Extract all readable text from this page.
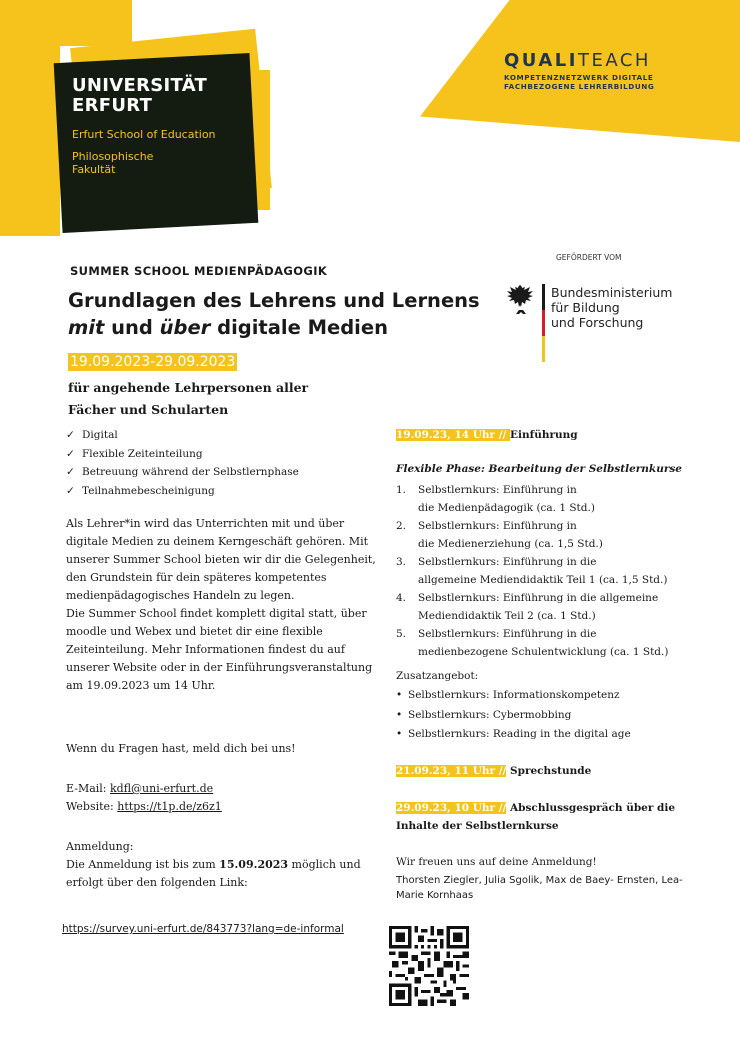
UNIVERSITÄT
ERFURT
Erfurt School of Education
Philosophische
Fakultät
QUALITEACH
KOMPETENZNETZWERK DIGITALE
FACHBEZOGENE LEHRERBILDUNG
GEFÖRDERT VOM
Bundesministerium
für Bildung
und Forschung
SUMMER SCHOOL MEDIENPÄDAGOGIK
Grundlagen des Lehrens und Lernens
mit und über digitale Medien
19.09.2023-29.09.2023
für angehende Lehrpersonen aller
Fächer und Schularten
✓ Digital
✓ Flexible Zeiteinteilung
✓ Betreuung während der Selbstlernphase
✓ Teilnahmebescheinigung
Als Lehrer*in wird das Unterrichten mit und über digitale Medien zu deinem Kerngeschäft gehören. Mit unserer Summer School bieten wir dir die Gelegenheit, den Grundstein für dein späteres kompetentes medienpädagogisches Handeln zu legen.
Die Summer School findet komplett digital statt, über moodle und Webex und bietet dir eine flexible Zeiteinteilung. Mehr Informationen findest du auf unserer Website oder in der Einführungsveranstaltung am 19.09.2023 um 14 Uhr.
Wenn du Fragen hast, meld dich bei uns!
E-Mail: kdfl@uni-erfurt.de
Website: https://t1p.de/z6z1
Anmeldung:
Die Anmeldung ist bis zum 15.09.2023 möglich und erfolgt über den folgenden Link:
https://survey.uni-erfurt.de/843773?lang=de-informal
19.09.23, 14 Uhr // Einführung
Flexible Phase: Bearbeitung der Selbstlernkurse
1.	Selbstlernkurs: Einführung in
die Medienpädagogik (ca. 1 Std.)
2.	Selbstlernkurs: Einführung in
die Medienerziehung (ca. 1,5 Std.)
3.	Selbstlernkurs: Einführung in die
allgemeine Mediendidaktik Teil 1 (ca. 1,5 Std.)
4.	Selbstlernkurs: Einführung in die allgemeine
Mediendidaktik Teil 2 (ca. 1 Std.)
5.	Selbstlernkurs: Einführung in die
medienbezogene Schulentwicklung (ca. 1 Std.)
Zusatzangebot:
• Selbstlernkurs: Informationskompetenz
• Selbstlernkurs: Cybermobbing
• Selbstlernkurs: Reading in the digital age
21.09.23, 11 Uhr // Sprechstunde
29.09.23, 10 Uhr // Abschlussgespräch über die Inhalte der Selbstlernkurse
Wir freuen uns auf deine Anmeldung!
Thorsten Ziegler, Julia Sgolik, Max de Baey- Ernsten, Lea-Marie Kornhaas
